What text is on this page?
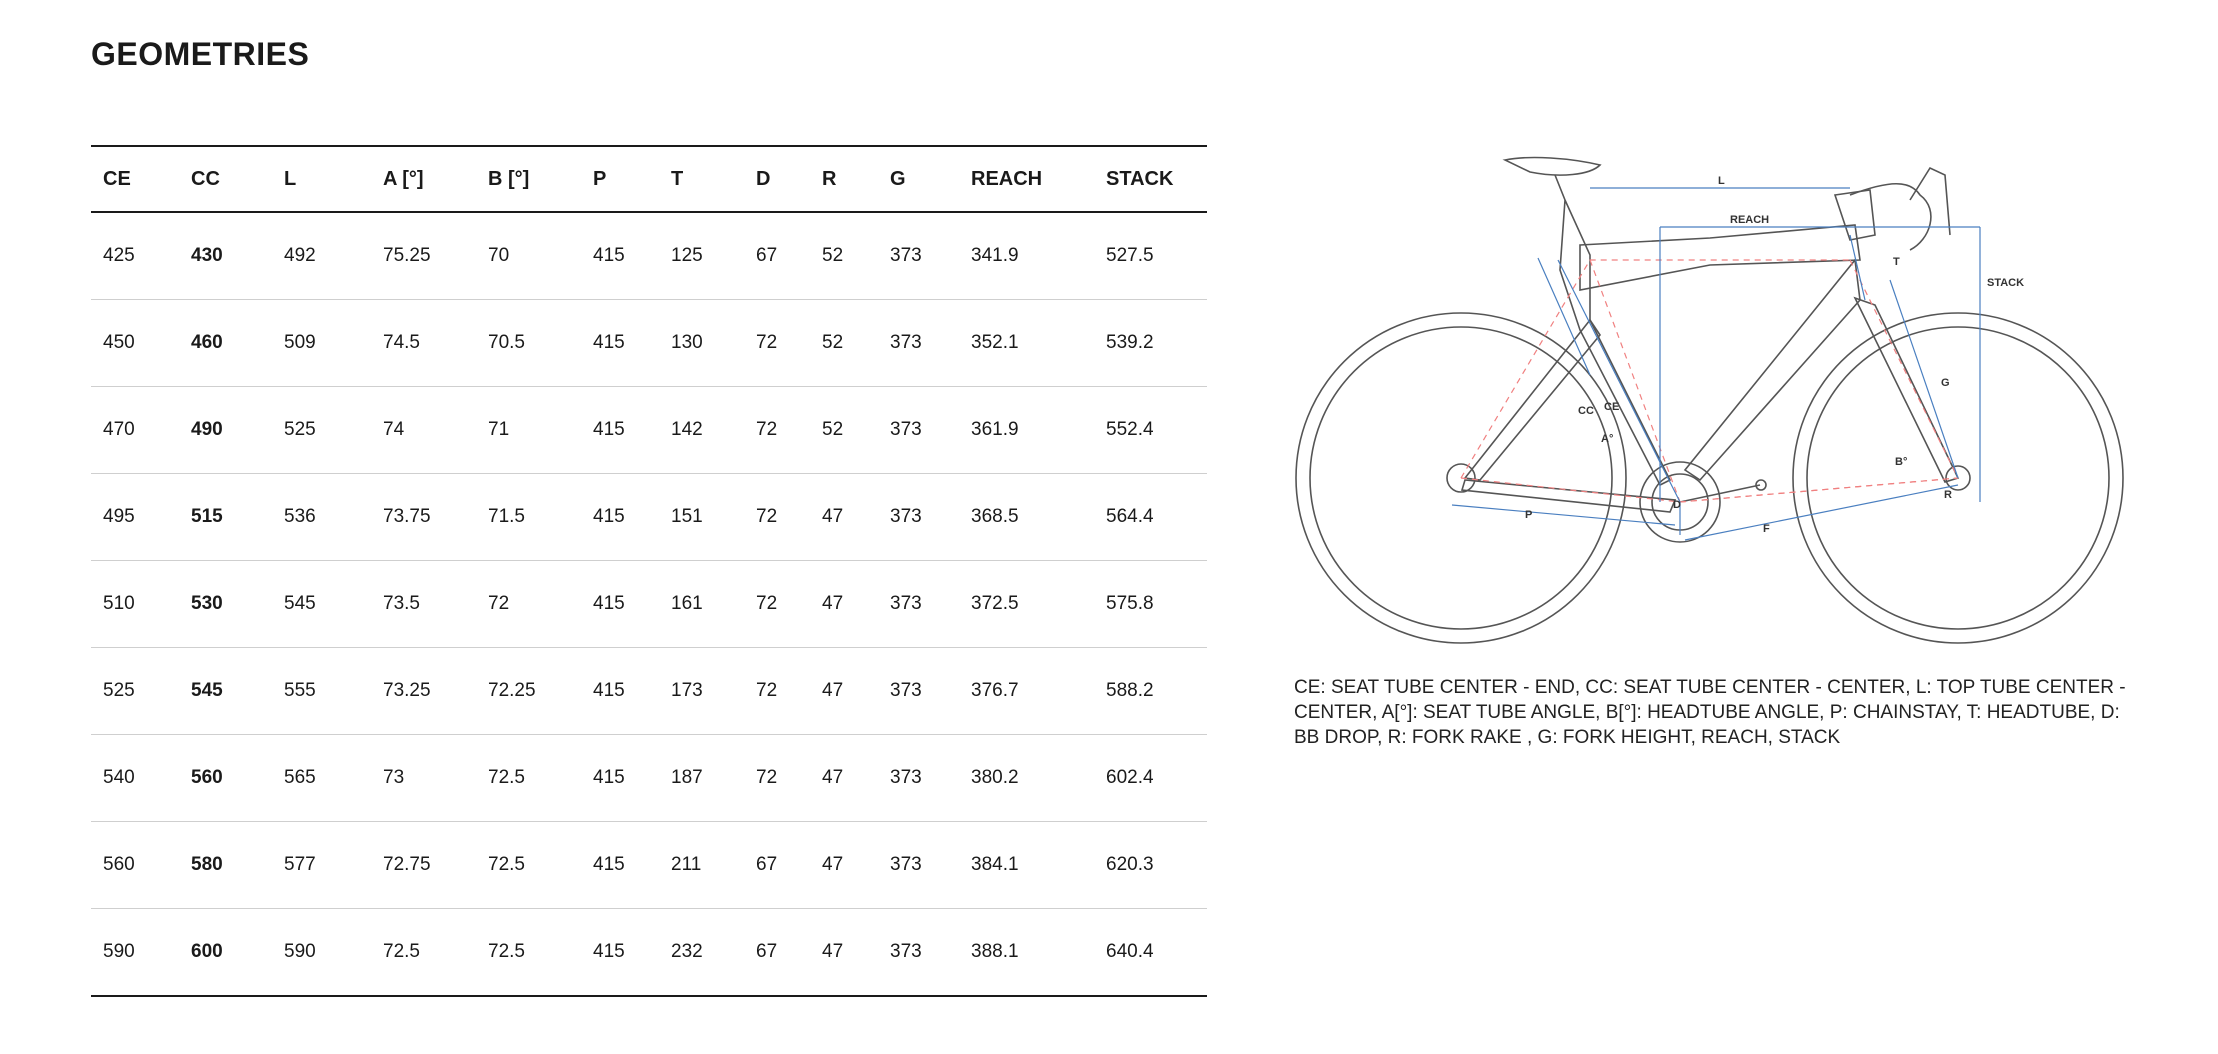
GEOMETRIES
CE	CC	L	A [°]	B [°]	P	T	D	R	G	REACH	STACK
425	430	492	75.25	70	415	125	67	52	373	341.9	527.5
450	460	509	74.5	70.5	415	130	72	52	373	352.1	539.2
470	490	525	74	71	415	142	72	52	373	361.9	552.4
495	515	536	73.75	71.5	415	151	72	47	373	368.5	564.4
510	530	545	73.5	72	415	161	72	47	373	372.5	575.8
525	545	555	73.25	72.25	415	173	72	47	373	376.7	588.2
540	560	565	73	72.5	415	187	72	47	373	380.2	602.4
560	580	577	72.75	72.5	415	211	67	47	373	384.1	620.3
590	600	590	72.5	72.5	415	232	67	47	373	388.1	640.4
L
REACH
STACK
T
G
CC CE
A°
B°
D
P
F
R

CE: SEAT TUBE CENTER - END, CC: SEAT TUBE CENTER - CENTER, L: TOP TUBE CENTER - CENTER, A[°]: SEAT TUBE ANGLE, B[°]: HEADTUBE ANGLE, P: CHAINSTAY, T: HEADTUBE, D: BB DROP, R: FORK RAKE , G: FORK HEIGHT, REACH, STACK
